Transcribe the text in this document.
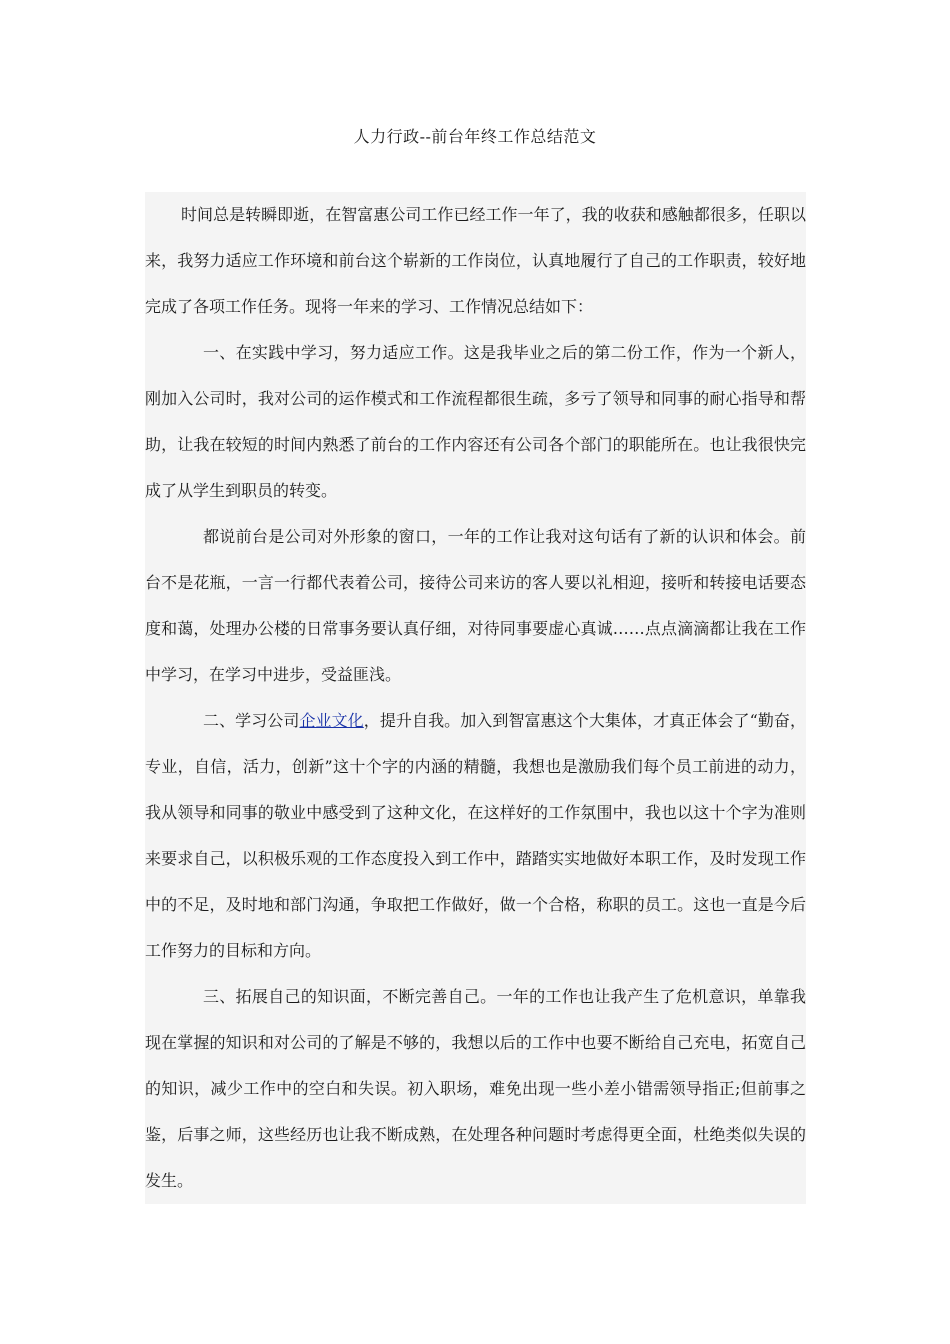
人力行政--前台年终工作总结范文

时间总是转瞬即逝，在智富惠公司工作已经工作一年了，我的收获和感触都很多，任职以来，我努力适应工作环境和前台这个崭新的工作岗位，认真地履行了自己的工作职责，较好地完成了各项工作任务。现将一年来的学习、工作情况总结如下：

一、在实践中学习，努力适应工作。这是我毕业之后的第二份工作，作为一个新人，刚加入公司时，我对公司的运作模式和工作流程都很生疏，多亏了领导和同事的耐心指导和帮助，让我在较短的时间内熟悉了前台的工作内容还有公司各个部门的职能所在。也让我很快完成了从学生到职员的转变。

都说前台是公司对外形象的窗口，一年的工作让我对这句话有了新的认识和体会。前台不是花瓶，一言一行都代表着公司，接待公司来访的客人要以礼相迎，接听和转接电话要态度和蔼，处理办公楼的日常事务要认真仔细，对待同事要虚心真诚……点点滴滴都让我在工作中学习，在学习中进步，受益匪浅。

二、学习公司企业文化，提升自我。加入到智富惠这个大集体，才真正体会了“勤奋，专业，自信，活力，创新”这十个字的内涵的精髓，我想也是激励我们每个员工前进的动力，我从领导和同事的敬业中感受到了这种文化，在这样好的工作氛围中，我也以这十个字为准则来要求自己，以积极乐观的工作态度投入到工作中，踏踏实实地做好本职工作，及时发现工作中的不足，及时地和部门沟通，争取把工作做好，做一个合格，称职的员工。这也一直是今后工作努力的目标和方向。

三、拓展自己的知识面，不断完善自己。一年的工作也让我产生了危机意识，单靠我现在掌握的知识和对公司的了解是不够的，我想以后的工作中也要不断给自己充电，拓宽自己的知识，减少工作中的空白和失误。初入职场，难免出现一些小差小错需领导指正;但前事之鉴，后事之师，这些经历也让我不断成熟，在处理各种问题时考虑得更全面，杜绝类似失误的发生。
